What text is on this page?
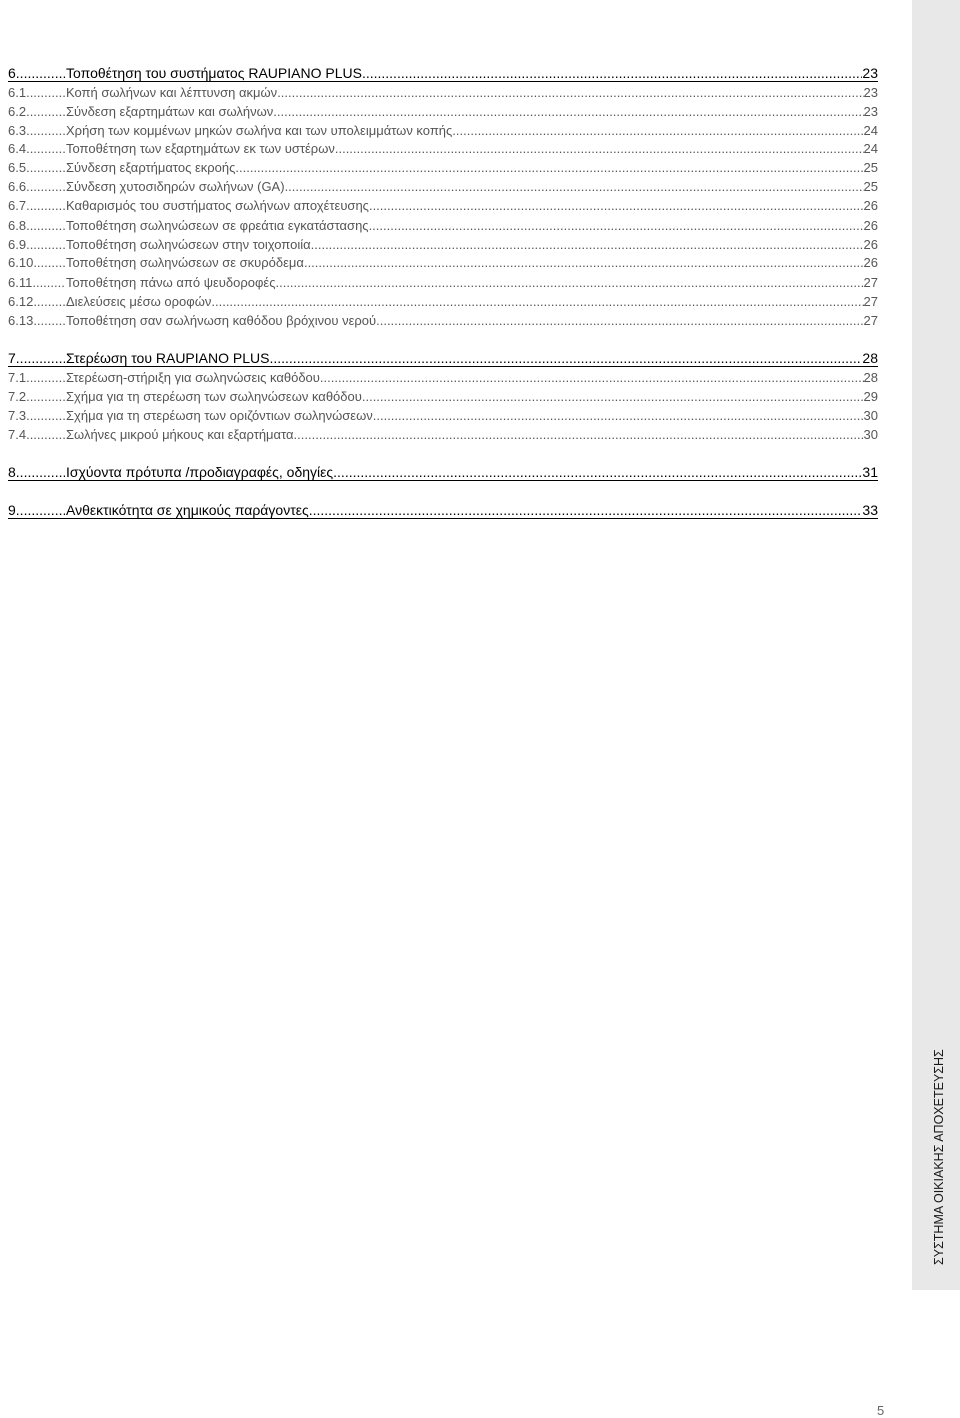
6 .....	Τοποθέτηση του συστήματος RAUPIANO PLUS .....	23
6.1. .....	Κοπή σωλήνων και λέπτυνση ακμών .....	23
6.2 .....	Σύνδεση εξαρτημάτων και σωλήνων .....	23
6.3 .....	Χρήση των κομμένων μηκών σωλήνα και των υπολειμμάτων κοπής .....	24
6.4 .....	Τοποθέτηση των εξαρτημάτων εκ των υστέρων .....	24
6.5 .....	Σύνδεση εξαρτήματος εκροής .....	25
6.6 .....	Σύνδεση χυτοσιδηρών σωλήνων (GA) .....	25
6.7 .....	Καθαρισμός του συστήματος σωλήνων αποχέτευσης .....	26
6.8 .....	Τοποθέτηση σωληνώσεων σε φρεάτια εγκατάστασης .....	26
6.9 .....	Τοποθέτηση σωληνώσεων στην τοιχοποιία .....	26
6.10 .....	Τοποθέτηση σωληνώσεων σε σκυρόδεμα .....	26
6.11 .....	Τοποθέτηση πάνω από ψευδοροφές .....	27
6.12 .....	Διελεύσεις μέσω οροφών .....	27
6.13 .....	Τοποθέτηση σαν σωλήνωση καθόδου βρόχινου νερού .....	27
7 .....	Στερέωση του RAUPIANO PLUS .....	28
7.1 .....	Στερέωση-στήριξη για σωληνώσεις καθόδου .....	28
7.2 .....	Σχήμα για τη στερέωση των σωληνώσεων καθόδου .....	29
7.3 .....	Σχήμα για τη στερέωση των οριζόντιων σωληνώσεων .....	30
7.4 .....	Σωλήνες μικρού μήκους και εξαρτήματα .....	30
8 .....	Ισχύοντα πρότυπα /προδιαγραφές, οδηγίες .....	31
9 .....	Ανθεκτικότητα σε χημικούς παράγοντες .....	33
ΣΥΣΤΗΜΑ ΟΙΚΙΑΚΗΣ ΑΠΟΧΕΤΕΥΣΗΣ
5
